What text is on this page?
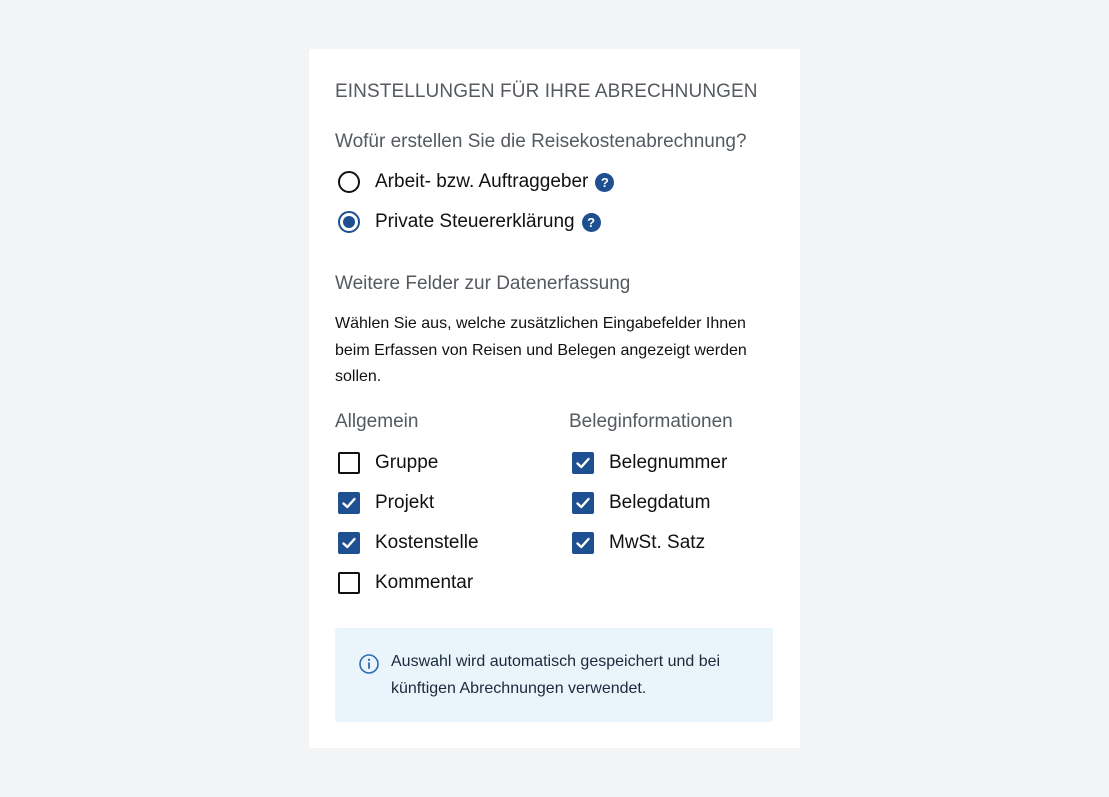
EINSTELLUNGEN FÜR IHRE ABRECHNUNGEN
Wofür erstellen Sie die Reisekostenabrechnung?
Arbeit- bzw. Auftraggeber ?
Private Steuererklärung ?
Weitere Felder zur Datenerfassung
Wählen Sie aus, welche zusätzlichen Eingabefelder Ihnen beim Erfassen von Reisen und Belegen angezeigt werden sollen.
Allgemein
Gruppe
Projekt
Kostenstelle
Kommentar
Beleginformationen
Belegnummer
Belegdatum
MwSt. Satz
Auswahl wird automatisch gespeichert und bei künftigen Abrechnungen verwendet.
